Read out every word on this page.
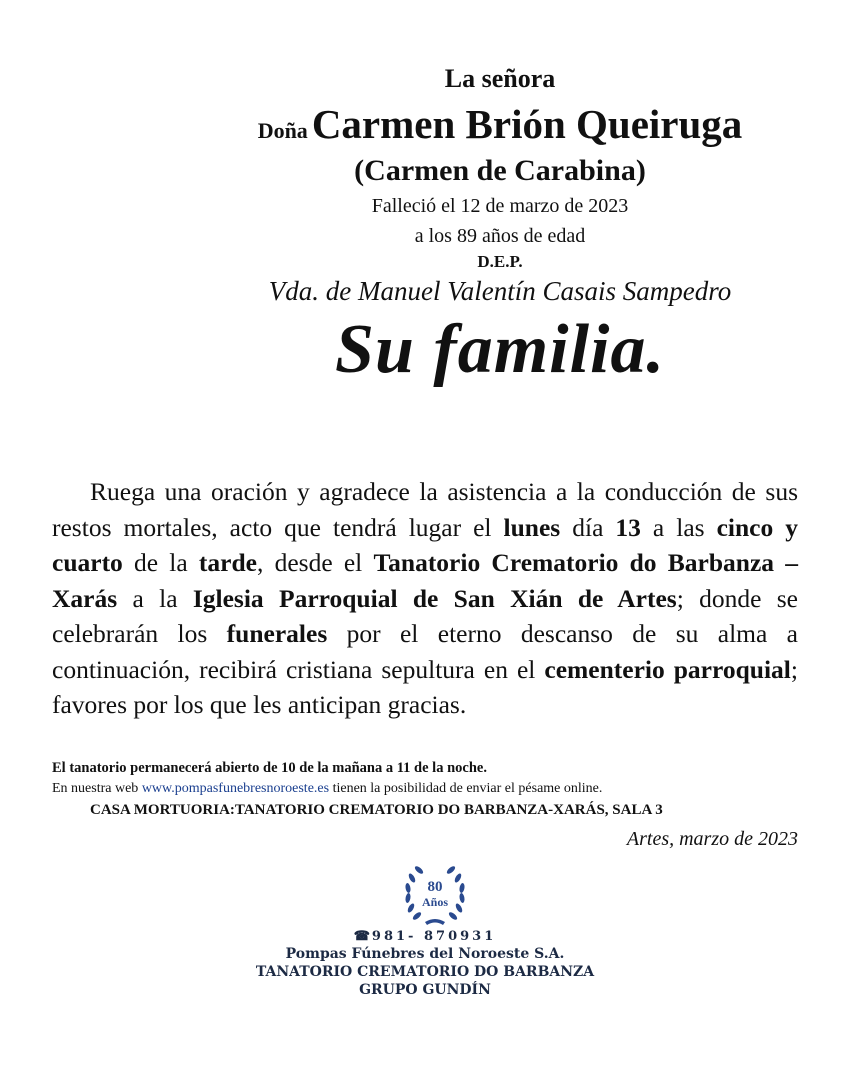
La señora
Doña Carmen Brión Queiruga
(Carmen de Carabina)
Falleció el 12 de marzo de 2023
a los 89 años de edad
D.E.P.
Vda. de Manuel Valentín Casais Sampedro
Su familia.

Ruega una oración y agradece la asistencia a la conducción de sus restos mortales, acto que tendrá lugar el lunes día 13 a las cinco y cuarto de la tarde, desde el Tanatorio Crematorio do Barbanza – Xarás a la Iglesia Parroquial de San Xián de Artes; donde se celebrarán los funerales por el eterno descanso de su alma a continuación, recibirá cristiana sepultura en el cementerio parroquial; favores por los que les anticipan gracias.

El tanatorio permanecerá abierto de 10 de la mañana a 11 de la noche.
En nuestra web www.pompasfunebresnoroeste.es tienen la posibilidad de enviar el pésame online.
CASA MORTUORIA:TANATORIO CREMATORIO DO BARBANZA-XARÁS, SALA 3
Artes, marzo de 2023
80
Años
☎ 981- 870931
Pompas Fúnebres del Noroeste S.A.
TANATORIO CREMATORIO DO BARBANZA
GRUPO GUNDÍN
